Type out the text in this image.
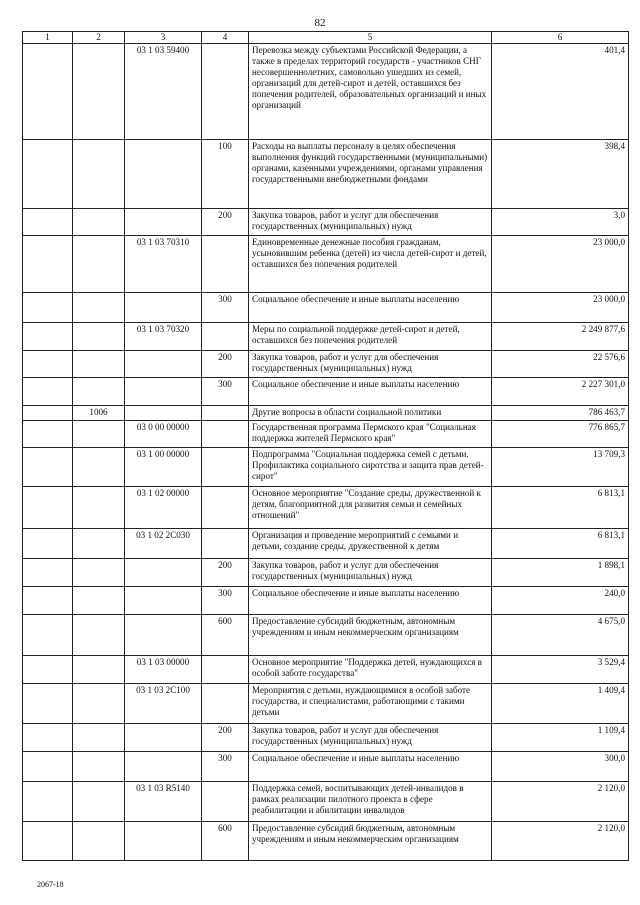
82
1	2	3	4	5	6
		03 1 03 59400		Перевозка между субъектами Российской Федерации, а также в пределах территорий государств - участников СНГ несовершеннолетних, самовольно ушедших из семей, организаций для детей-сирот и детей, оставшихся без попечения родителей, образовательных организаций и иных организаций	401,4
			100	Расходы на выплаты персоналу в целях обеспечения выполнения функций государственными (муниципальными) органами, казенными учреждениями, органами управления государственными внебюджетными фондами	398,4
			200	Закупка товаров, работ и услуг для обеспечения государственных (муниципальных) нужд	3,0
		03 1 03 70310		Единовременные денежные пособия гражданам, усыновившим ребенка (детей) из числа детей-сирот и детей, оставшихся без попечения родителей	23 000,0
			300	Социальное обеспечение и иные выплаты населению	23 000,0
		03 1 03 70320		Меры по социальной поддержке детей-сирот и детей, оставшихся без попечения родителей	2 249 877,6
			200	Закупка товаров, работ и услуг для обеспечения государственных (муниципальных) нужд	22 576,6
			300	Социальное обеспечение и иные выплаты населению	2 227 301,0
	1006			Другие вопросы в области социальной политики	786 463,7
		03 0 00 00000		Государственная программа Пермского края "Социальная поддержка жителей Пермского края"	776 865,7
		03 1 00 00000		Подпрограмма "Социальная поддержка семей с детьми. Профилактика социального сиротства и защита прав детей-сирот"	13 709,3
		03 1 02 00000		Основное мероприятие "Создание среды, дружественной к детям, благоприятной для развития семьи и семейных отношений"	6 813,1
		03 1 02 2С030		Организация и проведение мероприятий с семьями и детьми, создание среды, дружественной к детям	6 813,1
			200	Закупка товаров, работ и услуг для обеспечения государственных (муниципальных) нужд	1 898,1
			300	Социальное обеспечение и иные выплаты населению	240,0
			600	Предоставление субсидий бюджетным, автономным учреждениям и иным некоммерческим организациям	4 675,0
		03 1 03 00000		Основное мероприятие "Поддержка детей, нуждающихся в особой заботе государства"	3 529,4
		03 1 03 2С100		Мероприятия с детьми, нуждающимися в особой заботе государства, и специалистами, работающими с такими детьми	1 409,4
			200	Закупка товаров, работ и услуг для обеспечения государственных (муниципальных) нужд	1 109,4
			300	Социальное обеспечение и иные выплаты населению	300,0
		03 1 03 R5140		Поддержка семей, воспитывающих детей-инвалидов в рамках реализации пилотного проекта в сфере реабилитации и абилитации инвалидов	2 120,0
			600	Предоставление субсидий бюджетным, автономным учреждениям и иным некоммерческим организациям	2 120,0
2067-18
